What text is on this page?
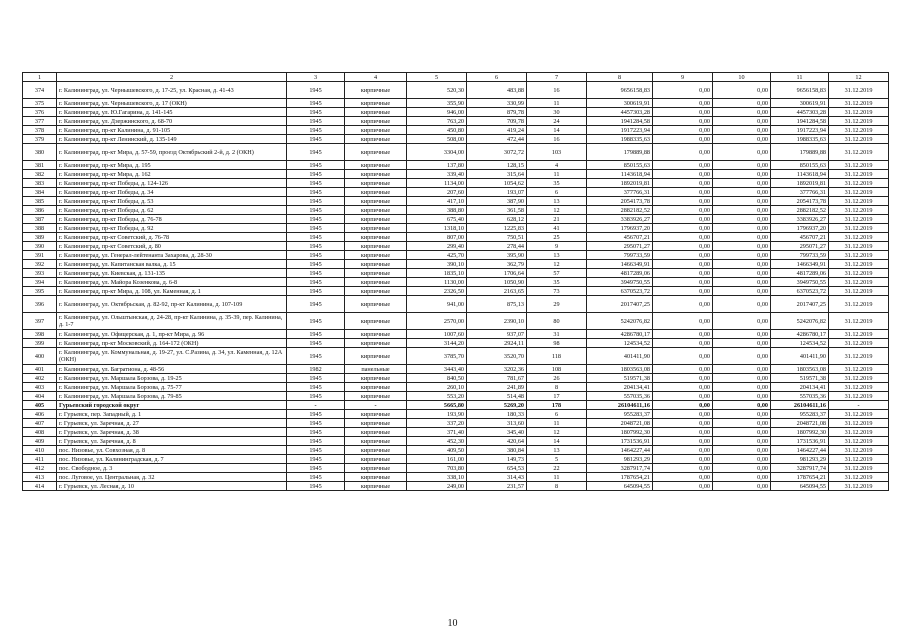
1	2	3	4	5	6	7	8	9	10	11	12
374	г. Калининград, ул. Чернышевского, д. 17-25, ул. Красная, д. 41-43	1945	кирпичные	520,30	483,88	16	9656158,83	0,00	0,00	9656158,83	31.12.2019
375	г. Калининград, ул. Чернышевского, д. 17 (ОКН)	1945	кирпичные	355,90	330,99	11	300619,91	0,00	0,00	300619,91	31.12.2019
376	г. Калининград, ул. Ю.Гагарина, д. 141-145	1945	кирпичные	946,00	879,78	30	4457303,28	0,00	0,00	4457303,28	31.12.2019
377	г. Калининград, ул. Дзержинского, д. 68-70	1945	кирпичные	763,20	709,78	24	1941284,58	0,00	0,00	1941284,58	31.12.2019
378	г. Калининград, пр-кт Калинина, д. 91-105	1945	кирпичные	450,80	419,24	14	1917223,94	0,00	0,00	1917223,94	31.12.2019
379	г. Калининград, пр-кт Ленинский, д. 135-149	1945	кирпичные	508,00	472,44	16	1988335,63	0,00	0,00	1988335,63	31.12.2019
380	г. Калининград, пр-кт Мира, д. 57-59, проезд Октябрьский 2-й, д. 2 (ОКН)	1945	кирпичные	3304,00	3072,72	103	179889,88	0,00	0,00	179889,88	31.12.2019
381	г. Калининград, пр-кт Мира, д. 195	1945	кирпичные	137,80	128,15	4	850155,63	0,00	0,00	850155,63	31.12.2019
382	г. Калининград, пр-кт Мира, д. 162	1945	кирпичные	339,40	315,64	11	1143618,94	0,00	0,00	1143618,94	31.12.2019
383	г. Калининград, пр-кт Победы, д. 124-126	1945	кирпичные	1134,00	1054,62	35	1892019,81	0,00	0,00	1892019,81	31.12.2019
384	г. Калининград, пр-кт Победы, д. 34	1945	кирпичные	207,60	193,07	6	377766,31	0,00	0,00	377766,31	31.12.2019
385	г. Калининград, пр-кт Победы, д. 53	1945	кирпичные	417,10	387,90	13	2054173,78	0,00	0,00	2054173,78	31.12.2019
386	г. Калининград, пр-кт Победы, д. 62	1945	кирпичные	388,80	361,58	12	2882182,52	0,00	0,00	2882182,52	31.12.2019
387	г. Калининград, пр-кт Победы, д. 76-78	1945	кирпичные	675,40	628,12	21	3383926,27	0,00	0,00	3383926,27	31.12.2019
388	г. Калининград, пр-кт Победы, д. 92	1945	кирпичные	1318,10	1225,83	41	1796937,20	0,00	0,00	1796937,20	31.12.2019
389	г. Калининград, пр-кт Советский, д. 76-78	1945	кирпичные	807,00	750,51	25	456707,21	0,00	0,00	456707,21	31.12.2019
390	г. Калининград, пр-кт Советский, д. 80	1945	кирпичные	299,40	278,44	9	295071,27	0,00	0,00	295071,27	31.12.2019
391	г. Калининград, ул. Генерал-лейтенанта Захарова, д. 28-30	1945	кирпичные	425,70	395,90	13	799733,59	0,00	0,00	799733,59	31.12.2019
392	г. Калининград, ул. Капитанская валка, д. 15	1945	кирпичные	390,10	362,79	12	1466349,91	0,00	0,00	1466349,91	31.12.2019
393	г. Калининград, ул. Киевская, д. 131-135	1945	кирпичные	1835,10	1706,64	57	4817289,06	0,00	0,00	4817289,06	31.12.2019
394	г. Калининград, ул. Майора Козенкова, д. 6-8	1945	кирпичные	1130,00	1050,90	35	3949750,55	0,00	0,00	3949750,55	31.12.2019
395	г. Калининград, пр-кт Мира, д. 108, ул. Каменная, д. 1	1945	кирпичные	2326,50	2163,65	73	6370523,72	0,00	0,00	6370523,72	31.12.2019
396	г. Калининград, ул. Октябрьская, д. 82-92, пр-кт Калинина, д. 107-109	1945	кирпичные	941,00	875,13	29	2017407,25	0,00	0,00	2017407,25	31.12.2019
397	г. Калининград, ул. Ольштынская, д. 24-28, пр-кт Калинина, д. 35-39, пер. Калинина, д. 1-7	1945	кирпичные	2570,00	2390,10	80	5242076,82	0,00	0,00	5242076,82	31.12.2019
398	г. Калининград, ул. Офицерская, д. 1, пр-кт Мира, д. 96	1945	кирпичные	1007,60	937,07	31	4286780,17	0,00	0,00	4286780,17	31.12.2019
399	г. Калининград, пр-кт Московский, д. 164-172 (ОКН)	1945	кирпичные	3144,20	2924,11	98	124534,52	0,00	0,00	124534,52	31.12.2019
400	г. Калининград, ул. Коммунальная, д. 19-27, ул. С.Разина, д. 34, ул. Каменная, д. 12А (ОКН)	1945	кирпичные	3785,70	3520,70	118	401411,90	0,00	0,00	401411,90	31.12.2019
401	г. Калининград, ул. Багратиона, д. 48-56	1982	панельные	3443,40	3202,36	108	1803563,08	0,00	0,00	1803563,08	31.12.2019
402	г. Калининград, ул. Маршала Борзова, д. 19-25	1945	кирпичные	840,50	781,67	26	519571,38	0,00	0,00	519571,38	31.12.2019
403	г. Калининград, ул. Маршала Борзова, д. 75-77	1945	кирпичные	260,10	241,89	8	204134,41	0,00	0,00	204134,41	31.12.2019
404	г. Калининград, ул. Маршала Борзова, д. 79-85	1945	кирпичные	553,20	514,48	17	557035,36	0,00	0,00	557035,36	31.12.2019
405	Гурьевский городской округ	-	-	5665,80	5269,20	178	26104611,16	0,00	0,00	26104611,16	-
406	г. Гурьевск, пер. Западный, д. 1	1945	кирпичные	193,90	180,33	6	955283,37	0,00	0,00	955283,37	31.12.2019
407	г. Гурьевск, ул. Заречная, д. 27	1945	кирпичные	337,20	313,60	11	2048721,08	0,00	0,00	2048721,08	31.12.2019
408	г. Гурьевск, ул. Заречная, д. 38	1945	кирпичные	371,40	345,40	12	1807992,30	0,00	0,00	1807992,30	31.12.2019
409	г. Гурьевск, ул. Заречная, д. 8	1945	кирпичные	452,30	420,64	14	1731536,91	0,00	0,00	1731536,91	31.12.2019
410	пос. Низовье, ул. Совхозная, д. 8	1945	кирпичные	409,50	380,84	13	1464227,44	0,00	0,00	1464227,44	31.12.2019
411	пос. Низовье, ул. Калининградская, д. 7	1945	кирпичные	161,00	149,73	5	981293,29	0,00	0,00	981293,29	31.12.2019
412	пос. Свободное, д. 3	1945	кирпичные	703,80	654,53	22	3287917,74	0,00	0,00	3287917,74	31.12.2019
413	пос. Луговое, ул. Центральная, д. 32	1945	кирпичные	338,10	314,43	11	1787654,21	0,00	0,00	1787654,21	31.12.2019
414	г. Гурьевск, ул. Лесная, д. 10	1945	кирпичные	249,00	231,57	8	645094,55	0,00	0,00	645094,55	31.12.2019
10
